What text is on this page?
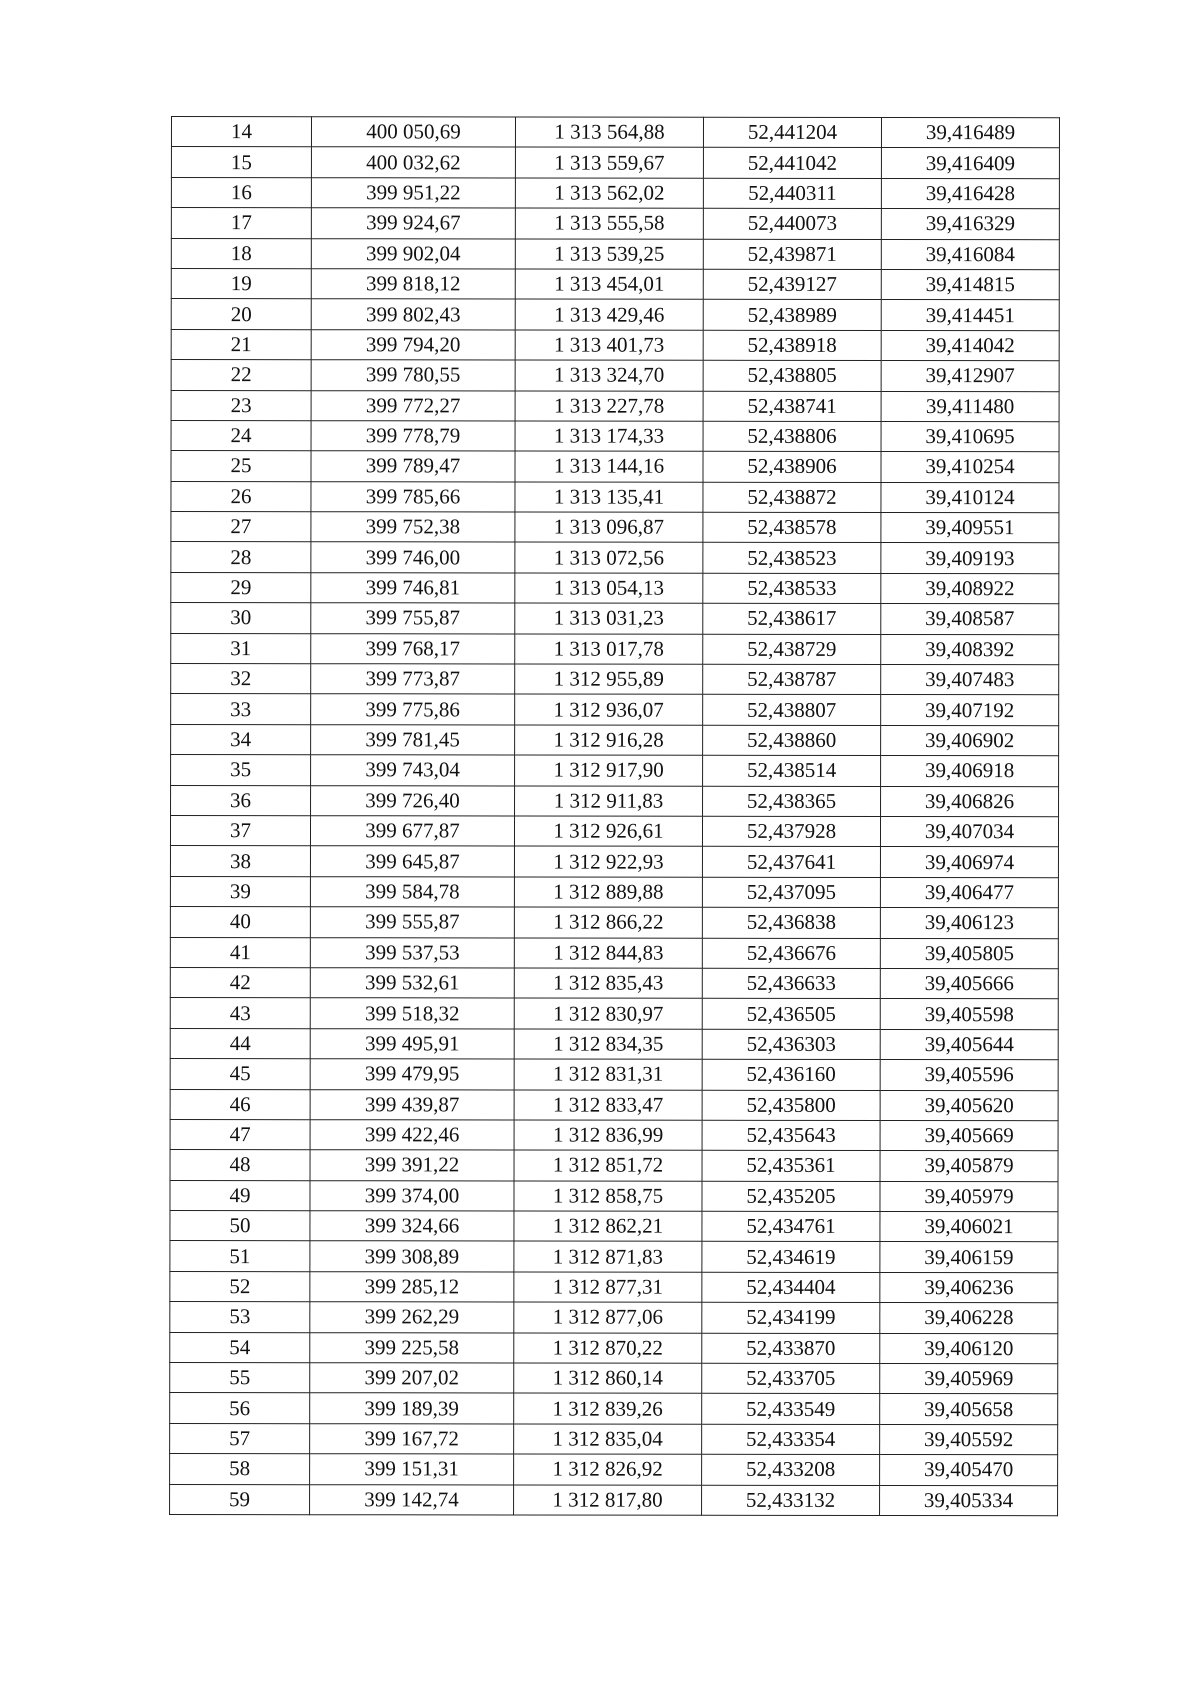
14	400 050,69	1 313 564,88	52,441204	39,416489
15	400 032,62	1 313 559,67	52,441042	39,416409
16	399 951,22	1 313 562,02	52,440311	39,416428
17	399 924,67	1 313 555,58	52,440073	39,416329
18	399 902,04	1 313 539,25	52,439871	39,416084
19	399 818,12	1 313 454,01	52,439127	39,414815
20	399 802,43	1 313 429,46	52,438989	39,414451
21	399 794,20	1 313 401,73	52,438918	39,414042
22	399 780,55	1 313 324,70	52,438805	39,412907
23	399 772,27	1 313 227,78	52,438741	39,411480
24	399 778,79	1 313 174,33	52,438806	39,410695
25	399 789,47	1 313 144,16	52,438906	39,410254
26	399 785,66	1 313 135,41	52,438872	39,410124
27	399 752,38	1 313 096,87	52,438578	39,409551
28	399 746,00	1 313 072,56	52,438523	39,409193
29	399 746,81	1 313 054,13	52,438533	39,408922
30	399 755,87	1 313 031,23	52,438617	39,408587
31	399 768,17	1 313 017,78	52,438729	39,408392
32	399 773,87	1 312 955,89	52,438787	39,407483
33	399 775,86	1 312 936,07	52,438807	39,407192
34	399 781,45	1 312 916,28	52,438860	39,406902
35	399 743,04	1 312 917,90	52,438514	39,406918
36	399 726,40	1 312 911,83	52,438365	39,406826
37	399 677,87	1 312 926,61	52,437928	39,407034
38	399 645,87	1 312 922,93	52,437641	39,406974
39	399 584,78	1 312 889,88	52,437095	39,406477
40	399 555,87	1 312 866,22	52,436838	39,406123
41	399 537,53	1 312 844,83	52,436676	39,405805
42	399 532,61	1 312 835,43	52,436633	39,405666
43	399 518,32	1 312 830,97	52,436505	39,405598
44	399 495,91	1 312 834,35	52,436303	39,405644
45	399 479,95	1 312 831,31	52,436160	39,405596
46	399 439,87	1 312 833,47	52,435800	39,405620
47	399 422,46	1 312 836,99	52,435643	39,405669
48	399 391,22	1 312 851,72	52,435361	39,405879
49	399 374,00	1 312 858,75	52,435205	39,405979
50	399 324,66	1 312 862,21	52,434761	39,406021
51	399 308,89	1 312 871,83	52,434619	39,406159
52	399 285,12	1 312 877,31	52,434404	39,406236
53	399 262,29	1 312 877,06	52,434199	39,406228
54	399 225,58	1 312 870,22	52,433870	39,406120
55	399 207,02	1 312 860,14	52,433705	39,405969
56	399 189,39	1 312 839,26	52,433549	39,405658
57	399 167,72	1 312 835,04	52,433354	39,405592
58	399 151,31	1 312 826,92	52,433208	39,405470
59	399 142,74	1 312 817,80	52,433132	39,405334
